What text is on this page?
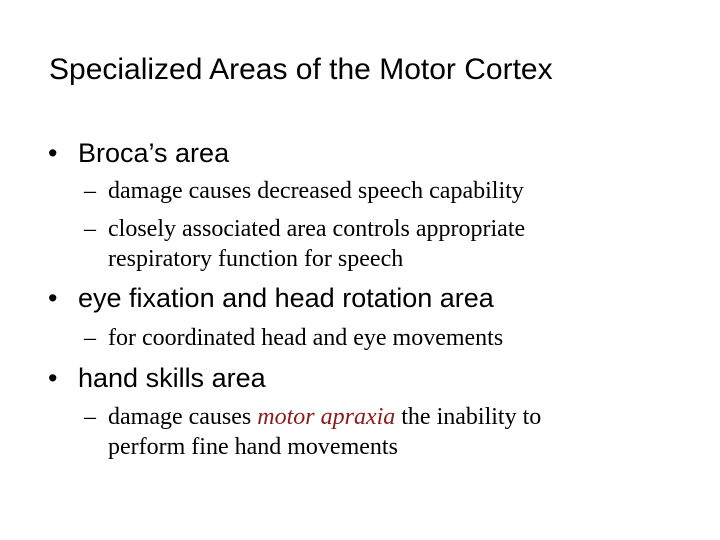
Specialized Areas of the Motor Cortex
• Broca’s area
– damage causes decreased speech capability
– closely associated area controls appropriate
respiratory function for speech
• eye fixation and head rotation area
– for coordinated head and eye movements
• hand skills area
– damage causes motor apraxia the inability to
perform fine hand movements
